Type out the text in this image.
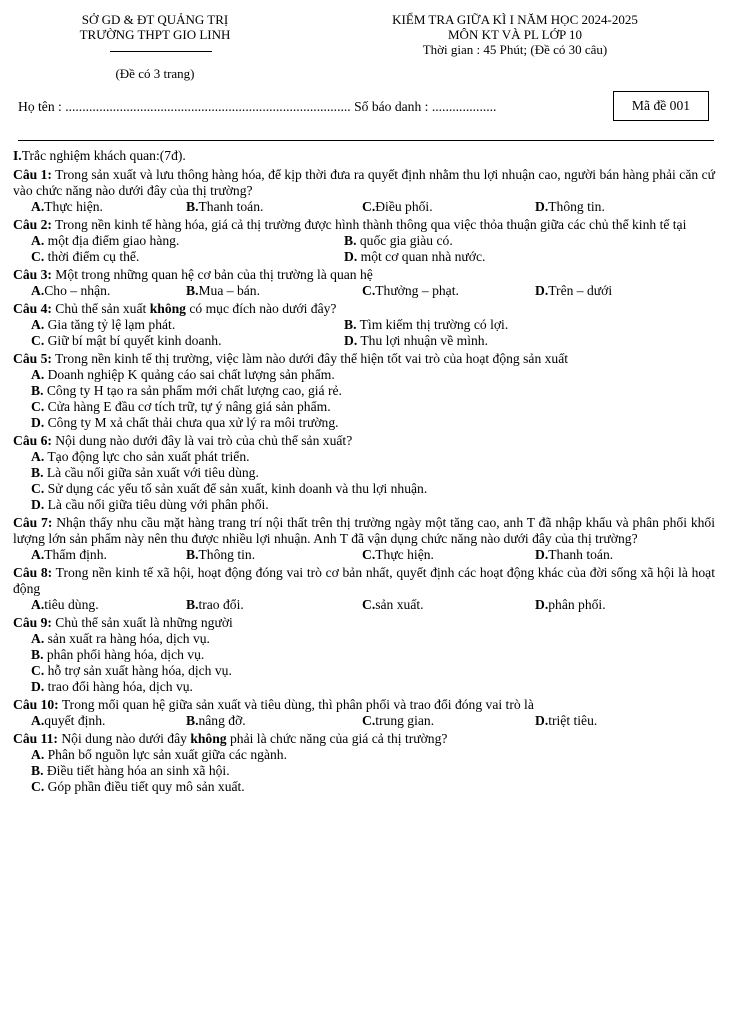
SỞ GD & ĐT QUẢNG TRỊ
TRƯỜNG THPT GIO LINH
(Đề có 3 trang)
KIỂM TRA GIỮA KÌ I NĂM HỌC 2024-2025
MÔN KT VÀ PL LỚP 10
Thời gian : 45 Phút; (Đề có 30 câu)
Họ tên : .................................................................................... Số báo danh : ...................	Mã đề 001
I.Trắc nghiệm khách quan:(7đ).
Câu 1: Trong sản xuất và lưu thông hàng hóa, để kịp thời đưa ra quyết định nhằm thu lợi nhuận cao, người bán hàng phải căn cứ vào chức năng nào dưới đây của thị trường?
A.Thực hiện.	B.Thanh toán.	C.Điều phối.	D.Thông tin.
Câu 2: Trong nền kinh tế hàng hóa, giá cả thị trường được hình thành thông qua việc thỏa thuận giữa các chủ thể kinh tế tại
A. một địa điểm giao hàng.	B. quốc gia giàu có.
C. thời điểm cụ thể.	D. một cơ quan nhà nước.
Câu 3: Một trong những quan hệ cơ bản của thị trường là quan hệ
A.Cho – nhận.	B.Mua – bán.	C.Thưởng – phạt.	D.Trên – dưới
Câu 4: Chủ thể sản xuất không có mục đích nào dưới đây?
A. Gia tăng tỷ lệ lạm phát.	B. Tìm kiếm thị trường có lợi.
C. Giữ bí mật bí quyết kinh doanh.	D. Thu lợi nhuận về mình.
Câu 5: Trong nền kinh tế thị trường, việc làm nào dưới đây thể hiện tốt vai trò của hoạt động sản xuất
A. Doanh nghiệp K quảng cáo sai chất lượng sản phẩm.
B. Công ty H tạo ra sản phẩm mới chất lượng cao, giá rẻ.
C. Cửa hàng E đầu cơ tích trữ, tự ý nâng giá sản phẩm.
D. Công ty M xả chất thải chưa qua xử lý ra môi trường.
Câu 6: Nội dung nào dưới đây là vai trò của chủ thể sản xuất?
A. Tạo động lực cho sản xuất phát triển.
B. Là cầu nối giữa sản xuất với tiêu dùng.
C. Sử dụng các yếu tố sản xuất để sản xuất, kinh doanh và thu lợi nhuận.
D. Là cầu nối giữa tiêu dùng với phân phối.
Câu 7: Nhận thấy nhu cầu mặt hàng trang trí nội thất trên thị trường ngày một tăng cao, anh T đã nhập khẩu và phân phối khối lượng lớn sản phẩm này nên thu được nhiều lợi nhuận. Anh T đã vận dụng chức năng nào dưới đây của thị trường?
A.Thẩm định.	B.Thông tin.	C.Thực hiện.	D.Thanh toán.
Câu 8: Trong nền kinh tế xã hội, hoạt động đóng vai trò cơ bản nhất, quyết định các hoạt động khác của đời sống xã hội là hoạt động
A.tiêu dùng.	B.trao đổi.	C.sản xuất.	D.phân phối.
Câu 9: Chủ thể sản xuất là những người
A. sản xuất ra hàng hóa, dịch vụ.
B. phân phối hàng hóa, dịch vụ.
C. hỗ trợ sản xuất hàng hóa, dịch vụ.
D. trao đổi hàng hóa, dịch vụ.
Câu 10: Trong mối quan hệ giữa sản xuất và tiêu dùng, thì phân phối và trao đổi đóng vai trò là
A.quyết định.	B.nâng đỡ.	C.trung gian.	D.triệt tiêu.
Câu 11: Nội dung nào dưới đây không phải là chức năng của giá cả thị trường?
A. Phân bổ nguồn lực sản xuất giữa các ngành.
B. Điều tiết hàng hóa an sinh xã hội.
C. Góp phần điều tiết quy mô sản xuất.
